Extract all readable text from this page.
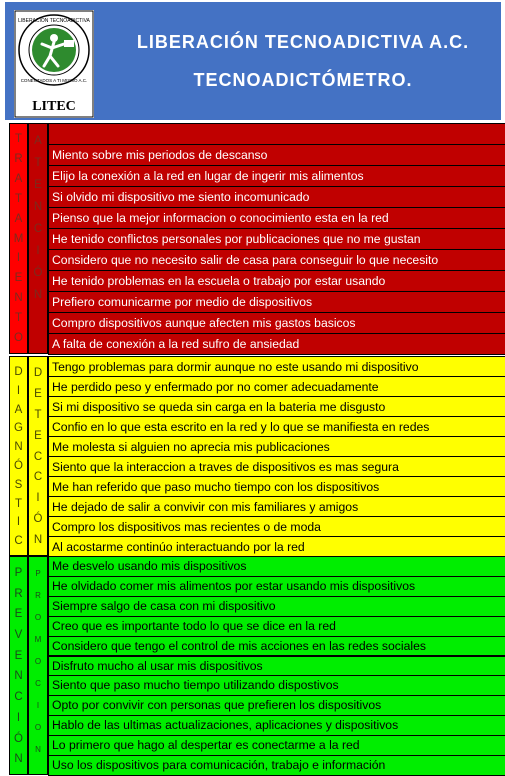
LIBERACIÓN TECNOADICTIVA
CONECTADOS A TI MISMO A.C.
LITEC
LIBERACIÓN TECNOADICTIVA A.C.
TECNOADICTÓMETRO.
T
R
A
T
A
M
I
E
N
T
O
A
T
E
N
C
I
Ó
N
Miento sobre mis periodos de descanso
Elijo la conexión a la red en lugar de ingerir mis alimentos
Si olvido mi dispositivo me siento incomunicado
Pienso que la mejor informacion o conocimiento esta en la red
He tenido conflictos personales por publicaciones que no me gustan
Considero que no necesito salir de casa para conseguir lo que necesito
He tenido problemas en la escuela o trabajo por estar usando
Prefiero comunicarme por medio de dispositivos
Compro dispositivos aunque afecten mis gastos basicos
A falta de conexión a la red sufro de ansiedad
D
I
A
G
N
Ó
S
T
I
C
D
E
T
E
C
C
I
Ó
N
Tengo problemas para dormir aunque no este usando mi dispositivo
He perdido peso y enfermado por no comer adecuadamente
Si mi dispositivo se queda sin carga en la bateria me disgusto
Confio en lo que esta escrito en la red y lo que se manifiesta en redes
Me molesta si alguien no aprecia mis publicaciones
Siento que la interaccion a traves de dispositivos es mas segura
Me han referido que paso mucho tiempo con los dispositivos
He dejado de salir a convivir con mis familiares y amigos
Compro los dispositivos mas recientes o de moda
Al acostarme continúo interactuando por la red
P
R
E
V
E
N
C
I
Ó
N
P
R
O
M
O
C
I
O
N
Me desvelo usando mis dispositivos
He olvidado comer mis alimentos por estar usando mis dispositivos
Siempre salgo de casa con mi dispositivo
Creo que es importante todo lo que se dice en la red
Considero que tengo el control de mis acciones en las redes sociales
Disfruto mucho al usar mis dispositivos
Siento que paso mucho tiempo utilizando dispostivos
Opto por convivir con personas que prefieren los dispositivos
Hablo de las ultimas actualizaciones, aplicaciones y dispositivos
Lo primero que hago al despertar es conectarme a la red
Uso los dispositivos para comunicación, trabajo e información
